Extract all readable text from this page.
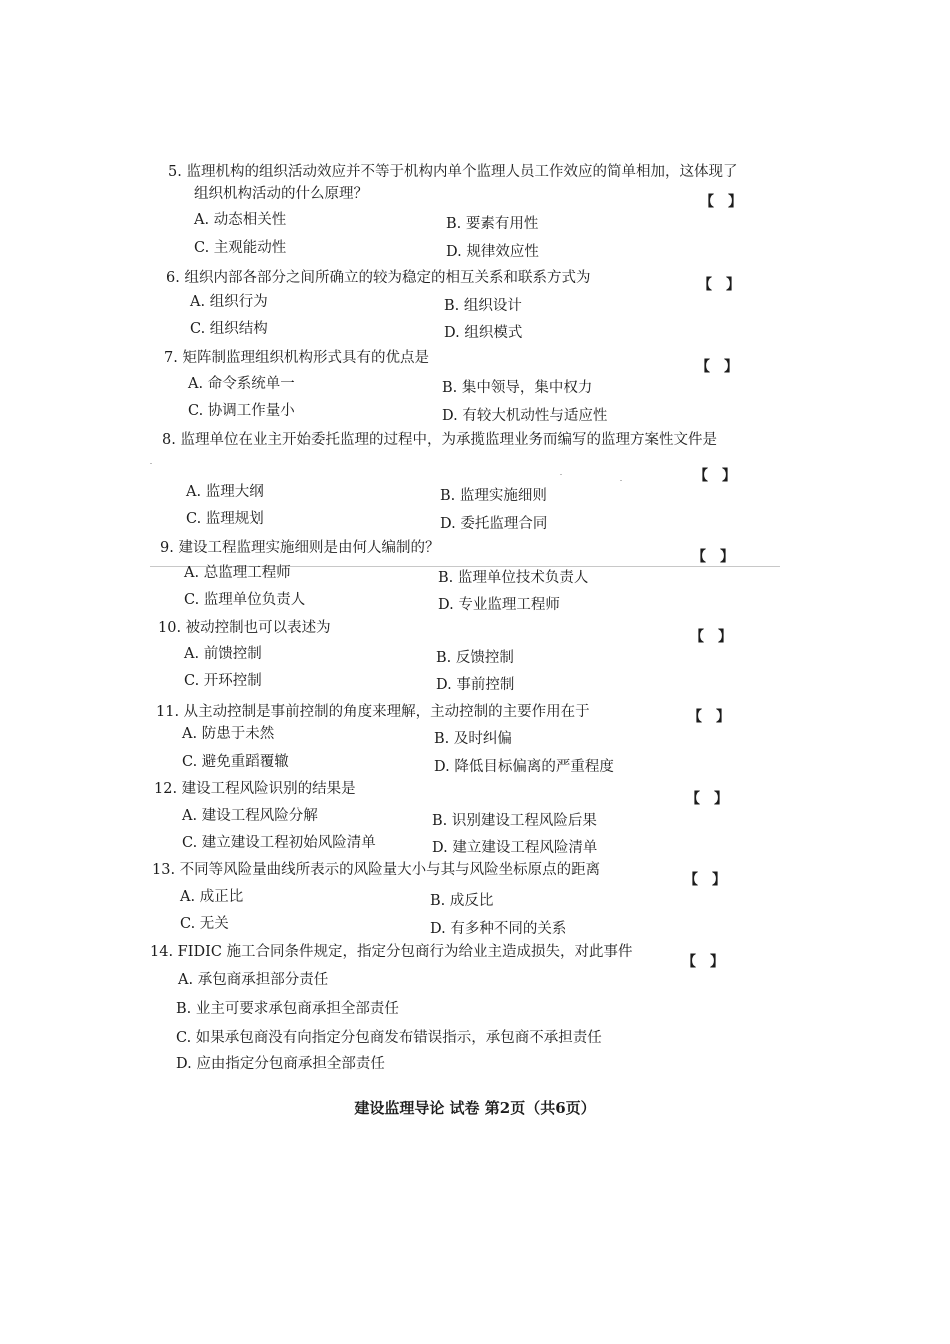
5. 监理机构的组织活动效应并不等于机构内单个监理人员工作效应的简单相加，这体现了
组织机构活动的什么原理？	【　】
A. 动态相关性	B. 要素有用性
C. 主观能动性	D. 规律效应性
6. 组织内部各部分之间所确立的较为稳定的相互关系和联系方式为	【　】
A. 组织行为	B. 组织设计
C. 组织结构	D. 组织模式
7. 矩阵制监理组织机构形式具有的优点是
【　】
A. 命令系统单一	B. 集中领导，集中权力
C. 协调工作量小	D. 有较大机动性与适应性
8. 监理单位在业主开始委托监理的过程中，为承揽监理业务而编写的监理方案性文件是
【　】
A. 监理大纲	B. 监理实施细则
C. 监理规划	D. 委托监理合同
9. 建设工程监理实施细则是由何人编制的？
【　】
A. 总监理工程师	B. 监理单位技术负责人
C. 监理单位负责人	D. 专业监理工程师
10. 被动控制也可以表述为
【　】
A. 前馈控制	B. 反馈控制
C. 开环控制	D. 事前控制
11. 从主动控制是事前控制的角度来理解，主动控制的主要作用在于	【　】
A. 防患于未然	B. 及时纠偏
C. 避免重蹈覆辙	D. 降低目标偏离的严重程度
12. 建设工程风险识别的结果是
【　】
A. 建设工程风险分解	B. 识别建设工程风险后果
C. 建立建设工程初始风险清单	D. 建立建设工程风险清单
13. 不同等风险量曲线所表示的风险量大小与其与风险坐标原点的距离
【　】
A. 成正比	B. 成反比
C. 无关	D. 有多种不同的关系
14. FIDIC 施工合同条件规定，指定分包商行为给业主造成损失，对此事件
【　】
A. 承包商承担部分责任
B. 业主可要求承包商承担全部责任
C. 如果承包商没有向指定分包商发布错误指示，承包商不承担责任
D. 应由指定分包商承担全部责任
建设监理导论 试卷 第2页（共6页）
